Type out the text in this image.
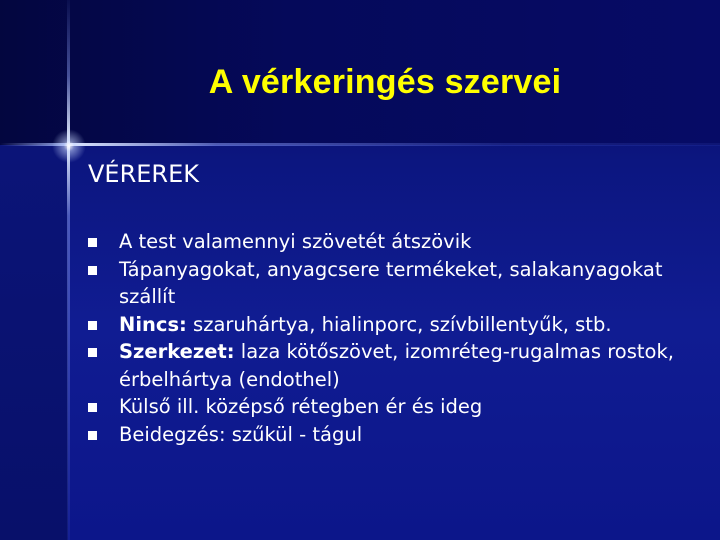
A vérkeringés szervei
VÉREREK
A test valamennyi szövetét átszövik
Tápanyagokat, anyagcsere termékeket, salakanyagokat szállít
Nincs: szaruhártya, hialinporc, szívbillentyűk, stb.
Szerkezet: laza kötőszövet, izomréteg-rugalmas rostok, érbelhártya (endothel)
Külső ill. középső rétegben ér és ideg
Beidegzés: szűkül - tágul
